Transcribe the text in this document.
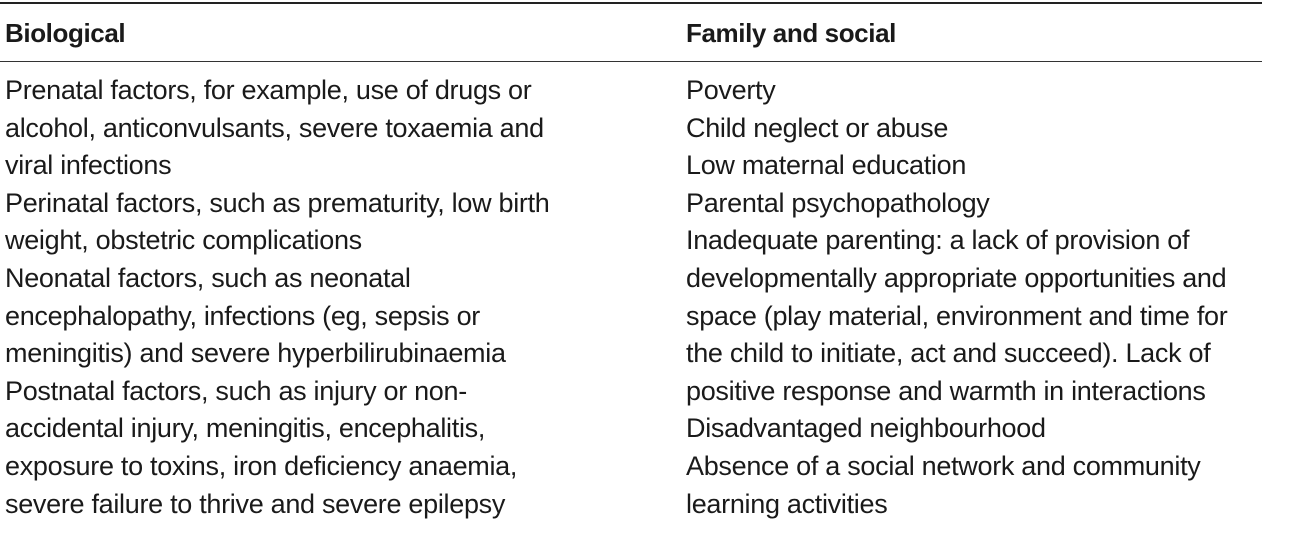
Biological
Prenatal factors, for example, use of drugs or
alcohol, anticonvulsants, severe toxaemia and
viral infections
Perinatal factors, such as prematurity, low birth
weight, obstetric complications
Neonatal factors, such as neonatal
encephalopathy, infections (eg, sepsis or
meningitis) and severe hyperbilirubinaemia
Postnatal factors, such as injury or non-
accidental injury, meningitis, encephalitis,
exposure to toxins, iron deficiency anaemia,
severe failure to thrive and severe epilepsy
Family and social
Poverty
Child neglect or abuse
Low maternal education
Parental psychopathology
Inadequate parenting: a lack of provision of
developmentally appropriate opportunities and
space (play material, environment and time for
the child to initiate, act and succeed). Lack of
positive response and warmth in interactions
Disadvantaged neighbourhood
Absence of a social network and community
learning activities
